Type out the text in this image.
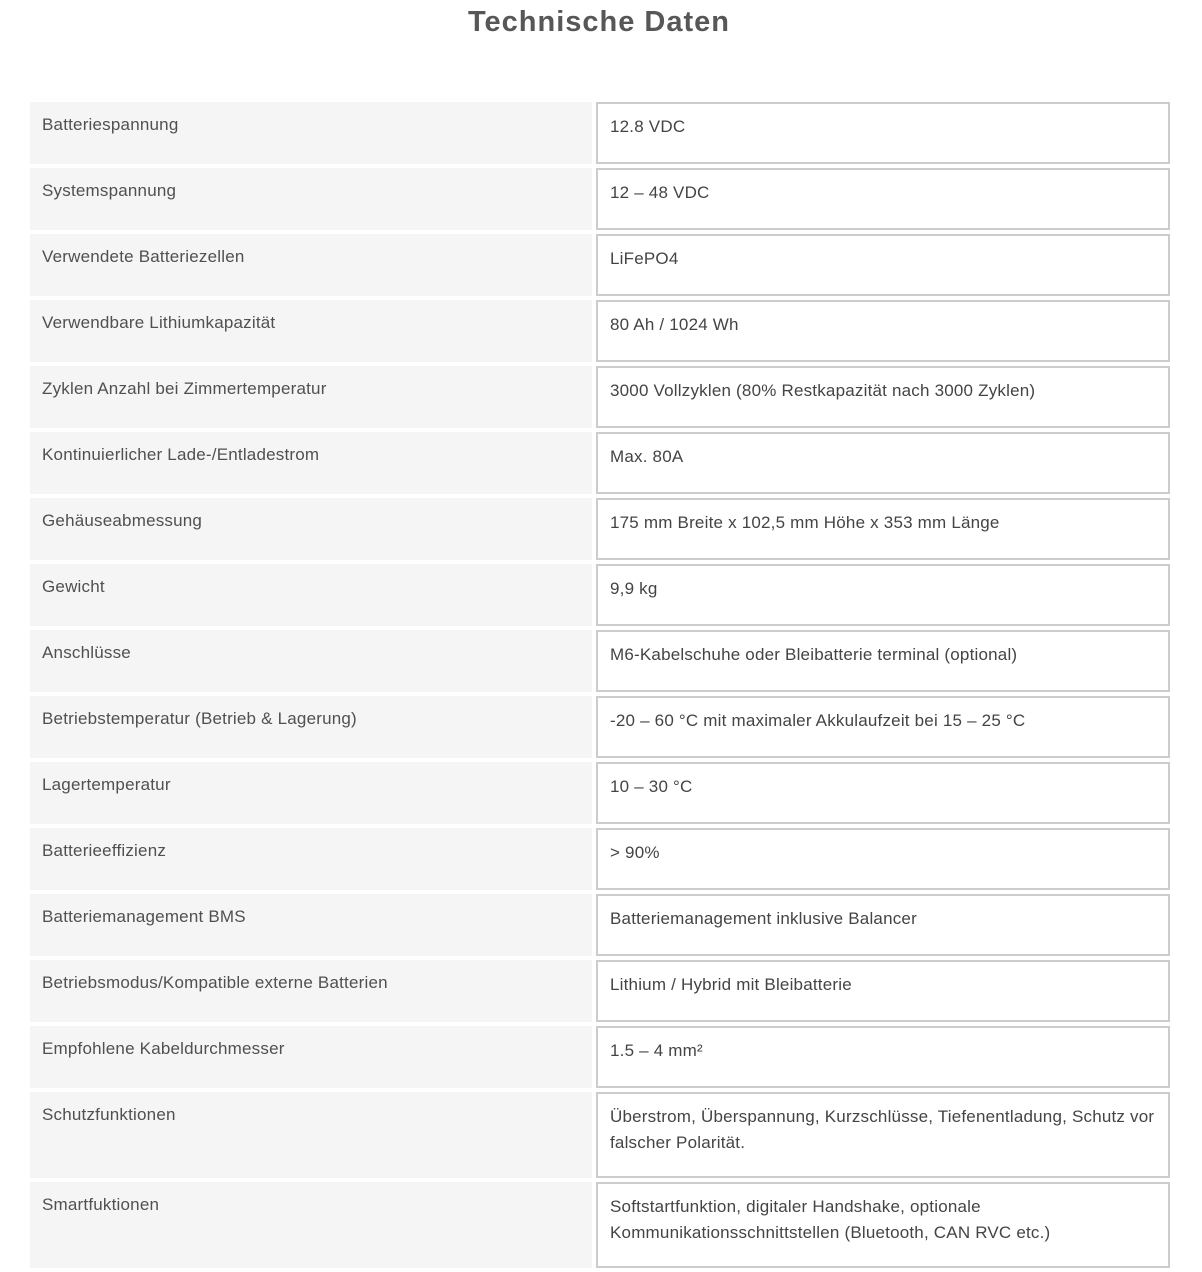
Technische Daten
Batteriespannung	12.8 VDC
Systemspannung	12 – 48 VDC
Verwendete Batteriezellen	LiFePO4
Verwendbare Lithiumkapazität	80 Ah / 1024 Wh
Zyklen Anzahl bei Zimmertemperatur	3000 Vollzyklen (80% Restkapazität nach 3000 Zyklen)
Kontinuierlicher Lade-/Entladestrom	Max. 80A
Gehäuseabmessung	175 mm Breite x 102,5 mm Höhe x 353 mm Länge
Gewicht	9,9 kg
Anschlüsse	M6-Kabelschuhe oder Bleibatterie terminal (optional)
Betriebstemperatur (Betrieb & Lagerung)	-20 – 60 °C mit maximaler Akkulaufzeit bei 15 – 25 °C
Lagertemperatur	10 – 30 °C
Batterieeffizienz	> 90%
Batteriemanagement BMS	Batteriemanagement inklusive Balancer
Betriebsmodus/Kompatible externe Batterien	Lithium / Hybrid mit Bleibatterie
Empfohlene Kabeldurchmesser	1.5 – 4 mm²
Schutzfunktionen	Überstrom, Überspannung, Kurzschlüsse, Tiefenentladung, Schutz vor falscher Polarität.
Smartfuktionen	Softstartfunktion, digitaler Handshake, optionale Kommunikationsschnittstellen (Bluetooth, CAN RVC etc.)
